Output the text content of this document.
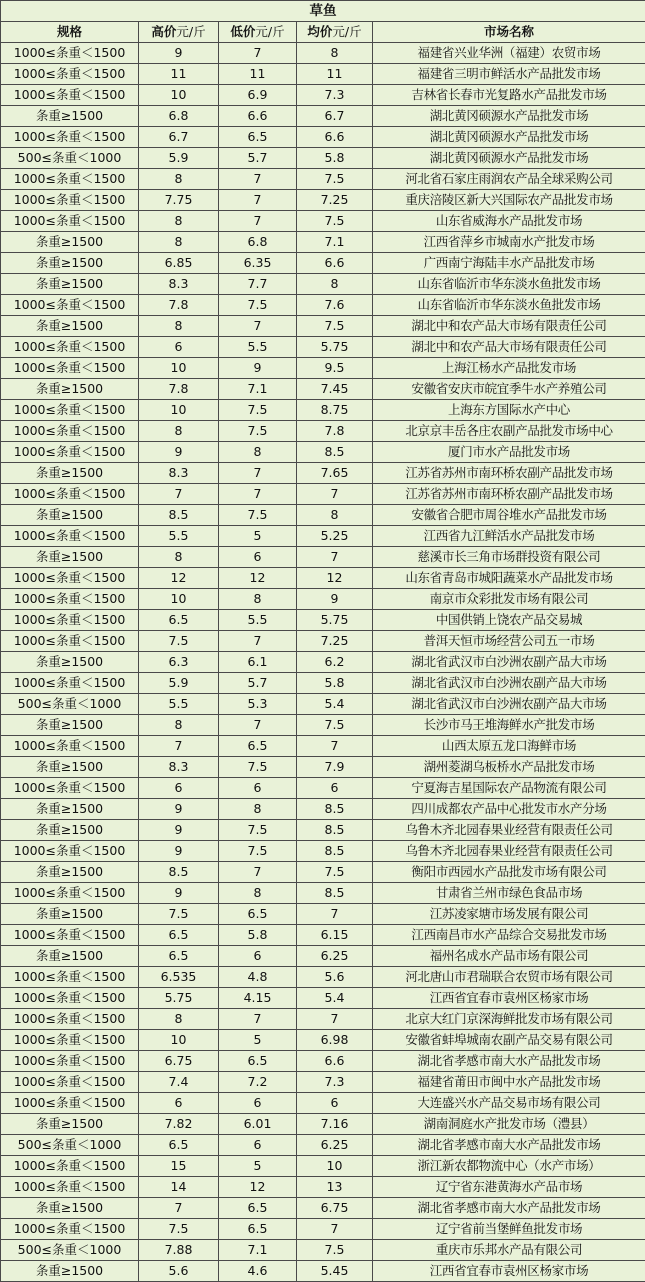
草鱼				
规格	高价元/斤	低价元/斤	均价元/斤	市场名称
1000≤条重＜1500	9	7	8	福建省兴业华洲（福建）农贸市场
1000≤条重＜1500	11	11	11	福建省三明市鲜活水产品批发市场
1000≤条重＜1500	10	6.9	7.3	吉林省长春市光复路水产品批发市场
条重≥1500	6.8	6.6	6.7	湖北黄冈硕源水产品批发市场
1000≤条重＜1500	6.7	6.5	6.6	湖北黄冈硕源水产品批发市场
500≤条重＜1000	5.9	5.7	5.8	湖北黄冈硕源水产品批发市场
1000≤条重＜1500	8	7	7.5	河北省石家庄雨润农产品全球采购公司
1000≤条重＜1500	7.75	7	7.25	重庆涪陵区新大兴国际农产品批发市场
1000≤条重＜1500	8	7	7.5	山东省威海水产品批发市场
条重≥1500	8	6.8	7.1	江西省萍乡市城南水产批发市场
条重≥1500	6.85	6.35	6.6	广西南宁海陆丰水产品批发市场
条重≥1500	8.3	7.7	8	山东省临沂市华东淡水鱼批发市场
1000≤条重＜1500	7.8	7.5	7.6	山东省临沂市华东淡水鱼批发市场
条重≥1500	8	7	7.5	湖北中和农产品大市场有限责任公司
1000≤条重＜1500	6	5.5	5.75	湖北中和农产品大市场有限责任公司
1000≤条重＜1500	10	9	9.5	上海江杨水产品批发市场
条重≥1500	7.8	7.1	7.45	安徽省安庆市皖宜季牛水产养殖公司
1000≤条重＜1500	10	7.5	8.75	上海东方国际水产中心
1000≤条重＜1500	8	7.5	7.8	北京京丰岳各庄农副产品批发市场中心
1000≤条重＜1500	9	8	8.5	厦门市水产品批发市场
条重≥1500	8.3	7	7.65	江苏省苏州市南环桥农副产品批发市场
1000≤条重＜1500	7	7	7	江苏省苏州市南环桥农副产品批发市场
条重≥1500	8.5	7.5	8	安徽省合肥市周谷堆水产品批发市场
1000≤条重＜1500	5.5	5	5.25	江西省九江鲜活水产品批发市场
条重≥1500	8	6	7	慈溪市长三角市场群投资有限公司
1000≤条重＜1500	12	12	12	山东省青岛市城阳蔬菜水产品批发市场
1000≤条重＜1500	10	8	9	南京市众彩批发市场有限公司
1000≤条重＜1500	6.5	5.5	5.75	中国供销上饶农产品交易城
1000≤条重＜1500	7.5	7	7.25	普洱天恒市场经营公司五一市场
条重≥1500	6.3	6.1	6.2	湖北省武汉市白沙洲农副产品大市场
1000≤条重＜1500	5.9	5.7	5.8	湖北省武汉市白沙洲农副产品大市场
500≤条重＜1000	5.5	5.3	5.4	湖北省武汉市白沙洲农副产品大市场
条重≥1500	8	7	7.5	长沙市马王堆海鲜水产批发市场
1000≤条重＜1500	7	6.5	7	山西太原五龙口海鲜市场
条重≥1500	8.3	7.5	7.9	湖州菱湖乌板桥水产品批发市场
1000≤条重＜1500	6	6	6	宁夏海吉星国际农产品物流有限公司
条重≥1500	9	8	8.5	四川成都农产品中心批发市水产分场
条重≥1500	9	7.5	8.5	乌鲁木齐北园春果业经营有限责任公司
1000≤条重＜1500	9	7.5	8.5	乌鲁木齐北园春果业经营有限责任公司
条重≥1500	8.5	7	7.5	衡阳市西园水产品批发市场有限公司
1000≤条重＜1500	9	8	8.5	甘肃省兰州市绿色食品市场
条重≥1500	7.5	6.5	7	江苏凌家塘市场发展有限公司
1000≤条重＜1500	6.5	5.8	6.15	江西南昌市水产品综合交易批发市场
条重≥1500	6.5	6	6.25	福州名成水产品市场有限公司
1000≤条重＜1500	6.535	4.8	5.6	河北唐山市君瑞联合农贸市场有限公司
1000≤条重＜1500	5.75	4.15	5.4	江西省宜春市袁州区杨家市场
1000≤条重＜1500	8	7	7	北京大红门京深海鲜批发市场有限公司
1000≤条重＜1500	10	5	6.98	安徽省蚌埠城南农副产品交易有限公司
1000≤条重＜1500	6.75	6.5	6.6	湖北省孝感市南大水产品批发市场
1000≤条重＜1500	7.4	7.2	7.3	福建省莆田市闽中水产品批发市场
1000≤条重＜1500	6	6	6	大连盛兴水产品交易市场有限公司
条重≥1500	7.82	6.01	7.16	湖南洞庭水产批发市场（澧县）
500≤条重＜1000	6.5	6	6.25	湖北省孝感市南大水产品批发市场
1000≤条重＜1500	15	5	10	浙江新农都物流中心（水产市场）
1000≤条重＜1500	14	12	13	辽宁省东港黄海水产品市场
条重≥1500	7	6.5	6.75	湖北省孝感市南大水产品批发市场
1000≤条重＜1500	7.5	6.5	7	辽宁省前当堡鲜鱼批发市场
500≤条重＜1000	7.88	7.1	7.5	重庆市乐邦水产品有限公司
条重≥1500	5.6	4.6	5.45	江西省宜春市袁州区杨家市场
